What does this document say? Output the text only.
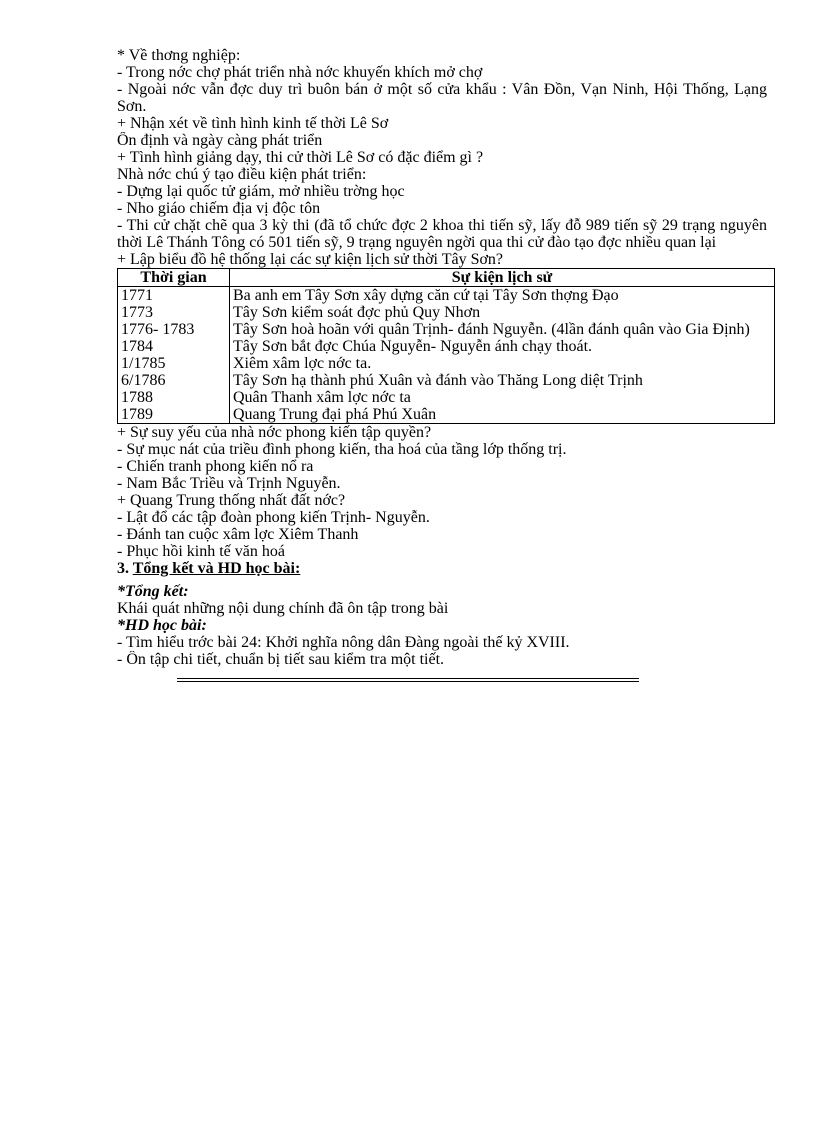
* Về thơng nghiệp:
- Trong nớc chợ phát triển nhà nớc khuyến khích mở chợ
- Ngoài nớc vẫn đợc duy trì buôn bán ở một số cửa khẩu : Vân Đồn, Vạn Ninh, Hội Thống, Lạng Sơn.
+ Nhận xét về tình hình kinh tế thời Lê Sơ
Ổn định và ngày càng phát triển
+ Tình hình giảng dạy, thi cử thời Lê Sơ có đặc điểm gì ?
Nhà nớc chú ý tạo điều kiện phát triển:
- Dựng lại quốc tử giám, mở nhiều trờng học
- Nho giáo chiếm địa vị độc tôn
- Thi cử chặt chẽ qua 3 kỳ thi (đã tổ chức đợc 2 khoa thi tiến sỹ, lấy đỗ 989 tiến sỹ 29 trạng nguyên thời Lê Thánh Tông có 501 tiến sỹ, 9 trạng nguyên ngời qua thi cử đào tạo đợc nhiều quan lại
+ Lập biểu đồ hệ thống lại các sự kiện lịch sử thời Tây Sơn?
Thời gian	Sự kiện lịch sử
1771	Ba anh em Tây Sơn xây dựng căn cứ tại Tây Sơn thợng Đạo
1773	Tây Sơn kiểm soát đợc phủ Quy Nhơn
1776- 1783	Tây Sơn hoà hoãn với quân Trịnh- đánh Nguyễn. (4lần đánh quân vào Gia Định)
1784	Tây Sơn bắt đợc Chúa Nguyễn- Nguyễn ánh chạy thoát.
1/1785	Xiêm xâm lợc nớc ta.
6/1786	Tây Sơn hạ thành phú Xuân và đánh vào Thăng Long diệt Trịnh
1788	Quân Thanh xâm lợc nớc ta
1789	Quang Trung đại phá Phú Xuân
+ Sự suy yếu của nhà nớc phong kiến tập quyền?
- Sự mục nát của triều đình phong kiến, tha hoá của tầng lớp thống trị.
- Chiến tranh phong kiến nổ ra
- Nam Bắc Triều và Trịnh Nguyễn.
+ Quang Trung thống nhất đất nớc?
- Lật đổ các tập đoàn phong kiến Trịnh- Nguyễn.
- Đánh tan cuộc xâm lợc Xiêm Thanh
- Phục hồi kinh tế văn hoá
3. Tổng kết và HD học bài:
*Tổng kết:
Khái quát những nội dung chính đã ôn tập trong bài
*HD học bài:
- Tìm hiểu trớc bài 24: Khởi nghĩa nông dân Đàng ngoài thế kỷ XVIII.
- Ôn tập chi tiết, chuẩn bị tiết sau kiểm tra một tiết.
